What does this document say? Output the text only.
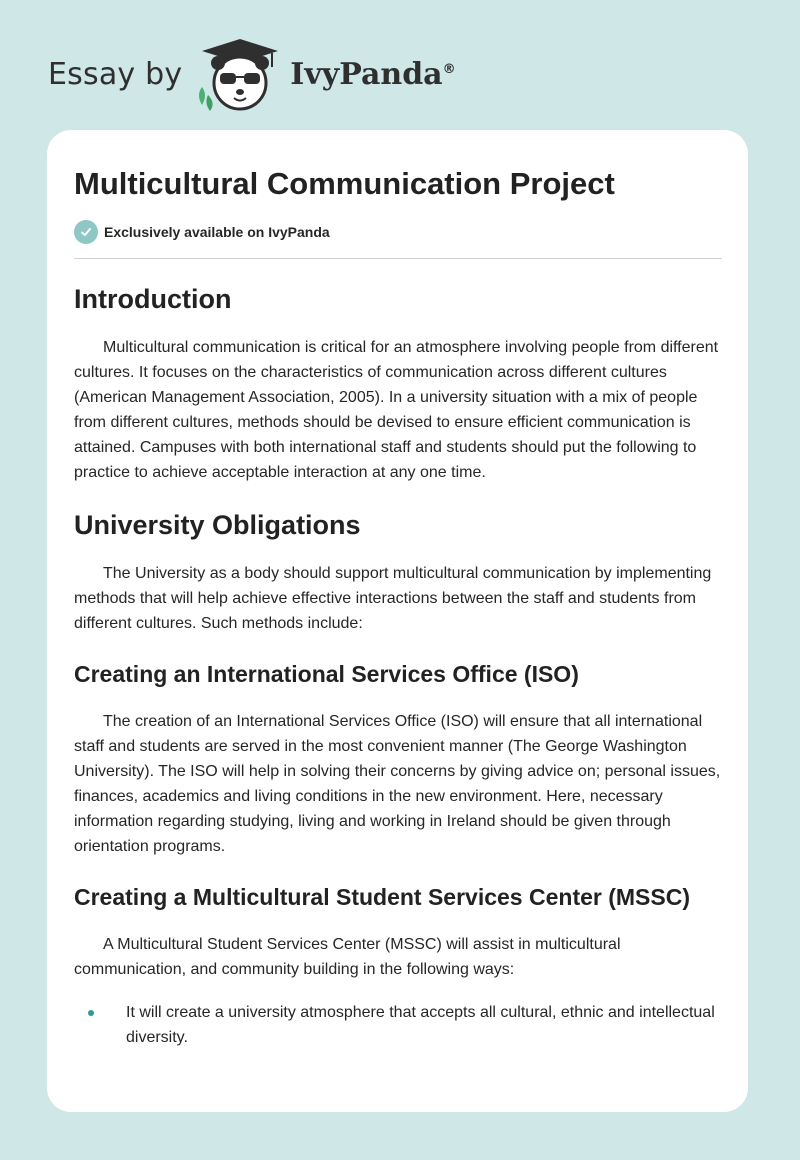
Essay by	IvyPanda®
Multicultural Communication Project
Exclusively available on IvyPanda
Introduction

Multicultural communication is critical for an atmosphere involving people from different cultures. It focuses on the characteristics of communication across different cultures (American Management Association, 2005). In a university situation with a mix of people from different cultures, methods should be devised to ensure efficient communication is attained. Campuses with both international staff and students should put the following to practice to achieve acceptable interaction at any one time.

University Obligations

The University as a body should support multicultural communication by implementing methods that will help achieve effective interactions between the staff and students from different cultures. Such methods include:

Creating an International Services Office (ISO)

The creation of an International Services Office (ISO) will ensure that all international staff and students are served in the most convenient manner (The George Washington University). The ISO will help in solving their concerns by giving advice on; personal issues, finances, academics and living conditions in the new environment. Here, necessary information regarding studying, living and working in Ireland should be given through orientation programs.

Creating a Multicultural Student Services Center (MSSC)

A Multicultural Student Services Center (MSSC) will assist in multicultural communication, and community building in the following ways:

It will create a university atmosphere that accepts all cultural, ethnic and intellectual diversity.
